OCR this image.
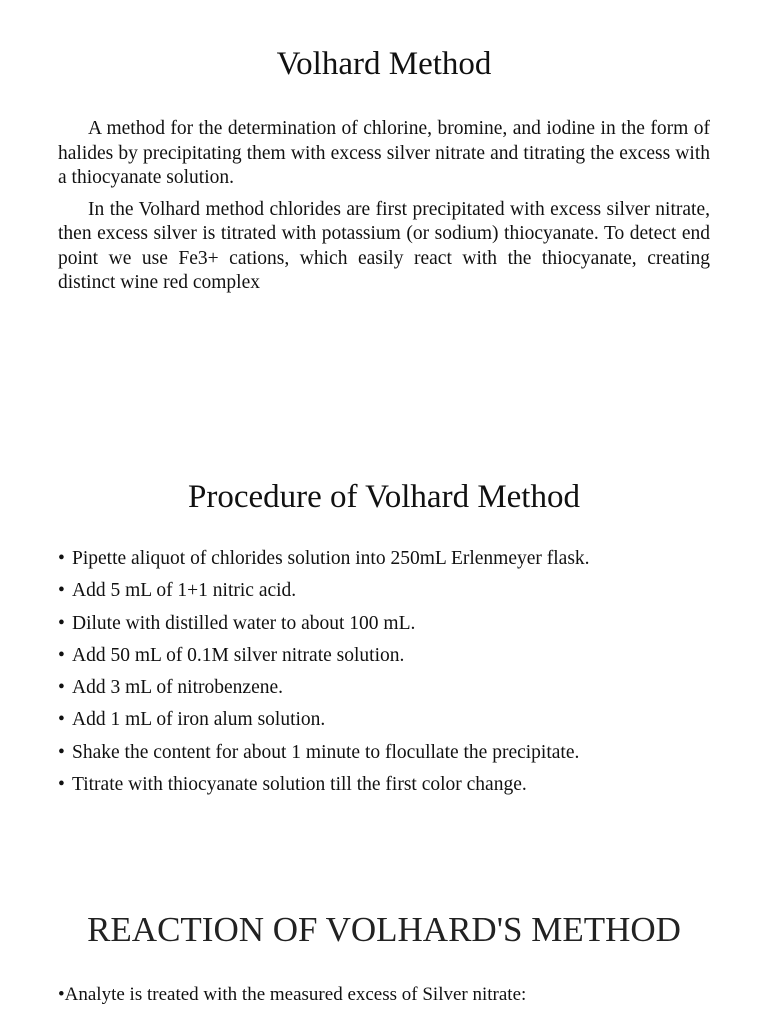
Volhard Method

A method for the determination of chlorine, bromine, and iodine in the form of halides by precipitating them with excess silver nitrate and titrating the excess with a thiocyanate solution.

In the Volhard method chlorides are first precipitated with excess silver nitrate, then excess silver is titrated with potassium (or sodium) thiocyanate. To detect end point we use Fe3+ cations, which easily react with the thiocyanate, creating distinct wine red complex

Procedure of Volhard Method
• Pipette aliquot of chlorides solution into 250mL Erlenmeyer flask.
• Add 5 mL of 1+1 nitric acid.
• Dilute with distilled water to about 100 mL.
• Add 50 mL of 0.1M silver nitrate solution.
• Add 3 mL of nitrobenzene.
• Add 1 mL of iron alum solution.
• Shake the content for about 1 minute to flocullate the precipitate.
• Titrate with thiocyanate solution till the first color change.
REACTION OF VOLHARD'S METHOD
•Analyte is treated with the measured excess of Silver nitrate:
